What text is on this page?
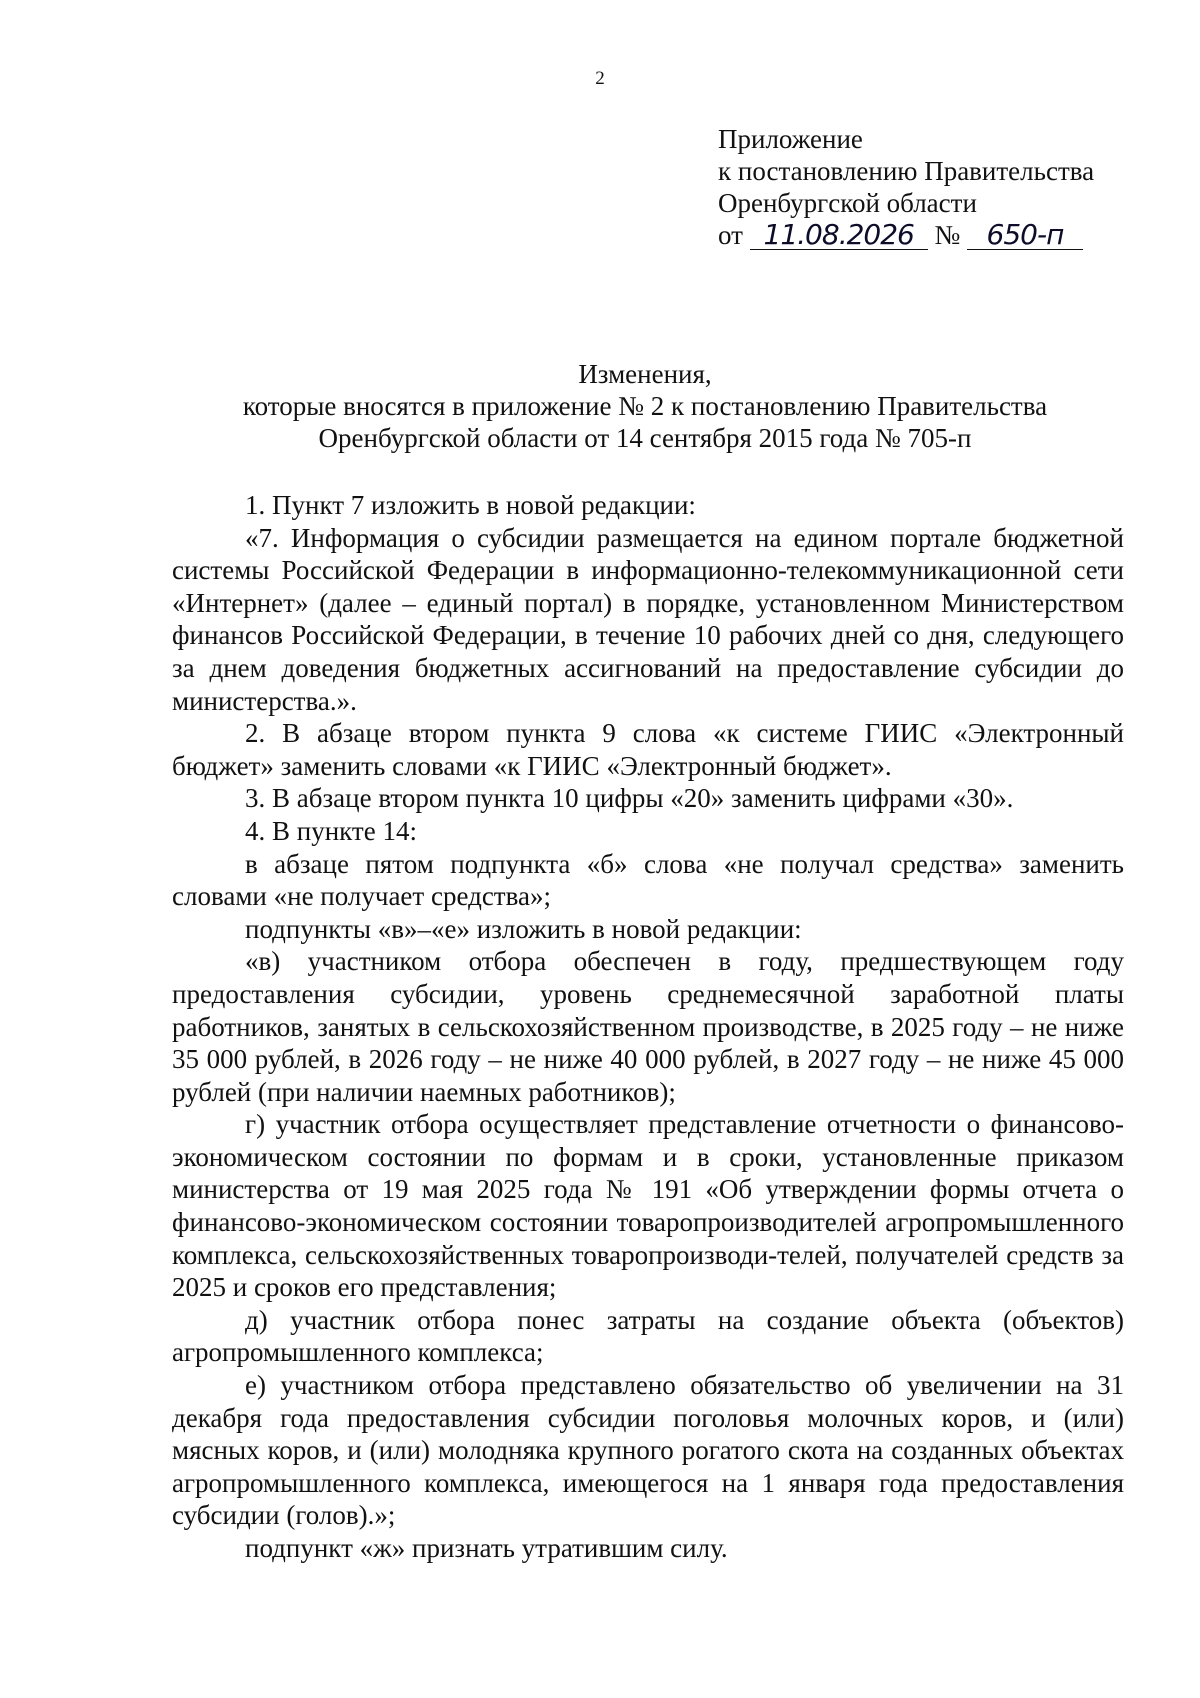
2
Приложение
к постановлению Правительства
Оренбургской области
от 11.08.2026 № 650-п
Изменения,
которые вносятся в приложение № 2 к постановлению Правительства
Оренбургской области от 14 сентября 2015 года № 705-п

1. Пункт 7 изложить в новой редакции:

«7. Информация о субсидии размещается на едином портале бюджетной системы Российской Федерации в информационно-телекоммуникационной сети «Интернет» (далее – единый портал) в порядке, установленном Министерством финансов Российской Федерации, в течение 10 рабочих дней со дня, следующего за днем доведения бюджетных ассигнований на предоставление субсидии до министерства.».

2. В абзаце втором пункта 9 слова «к системе ГИИС «Электронный бюджет» заменить словами «к ГИИС «Электронный бюджет».

3. В абзаце втором пункта 10 цифры «20» заменить цифрами «30».

4. В пункте 14:

в абзаце пятом подпункта «б» слова «не получал средства» заменить словами «не получает средства»;

подпункты «в»–«е» изложить в новой редакции:

«в) участником отбора обеспечен в году, предшествующем году предоставления субсидии, уровень среднемесячной заработной платы работников, занятых в сельскохозяйственном производстве, в 2025 году – не ниже 35 000 рублей, в 2026 году – не ниже 40 000 рублей, в 2027 году – не ниже 45 000 рублей (при наличии наемных работников);

г) участник отбора осуществляет представление отчетности о финансово-экономическом состоянии по формам и в сроки, установленные приказом министерства от 19 мая 2025 года № 191 «Об утверждении формы отчета о финансово-экономическом состоянии товаропроизводителей агропромышленного комплекса, сельскохозяйственных товаропроизводи-телей, получателей средств за 2025 и сроков его представления;

д) участник отбора понес затраты на создание объекта (объектов) агропромышленного комплекса;

е) участником отбора представлено обязательство об увеличении на 31 декабря года предоставления субсидии поголовья молочных коров, и (или) мясных коров, и (или) молодняка крупного рогатого скота на созданных объектах агропромышленного комплекса, имеющегося на 1 января года предоставления субсидии (голов).»;

подпункт «ж» признать утратившим силу.
